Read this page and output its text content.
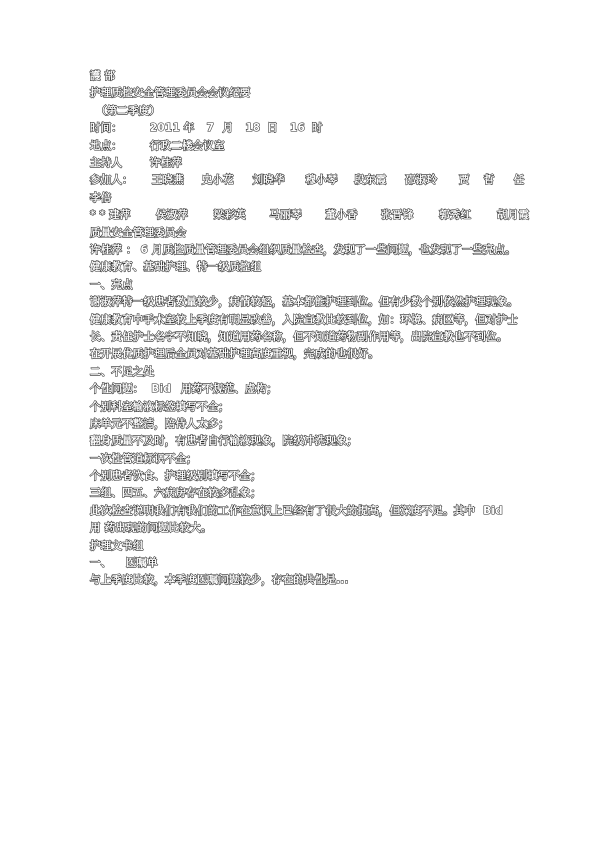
護 部
护理质控安全管理委员会会议纪要
（第二季度）
时间：	2011 年 7 月 18 日 16 时
地点：	行政二楼会议室
主持人	许桂萍
参加人： 王晓燕 史小花 刘晓华 穆小琴 段东霞 邵淑玲 贾 哲 任
李倍
* * 建萍 侯淑萍 梁彩英 马丽琴 董小香 张晋锋 郭秀红 胡月霞
质量安全管理委员会
许桂萍 ： 6 月质控质量管理委员会组织质量检查，发现了一些问题，也发现了一些亮点。
健康教育、基础护理、特一级质控组
一、亮点
谢淑萍特一级患者数量较少，病情较轻，基本都能护理到位。但有少数个别依然护理现象。
健康教育中手术室较上季度有明显改善，入院宣教比较到位，如：环境、病区等，但对护士长、责任护士名字不知晓，知道用药名称，但不知道药物副作用等，出院宣教也不到位。
在开展优质护理后全员对基础护理高度重视，完成的也很好。
二、不足之处
个性问题： Bid 用药不规范、虚构；
个别科室输液标签填写不全；
床单元不整洁，陪侍人太多；
翻身质量不及时，有患者自行输液现象，院级冲洗现象；
一次性管道标识不全；
个别患者饮食、护理级别填写不全；
三组、四五、六病房存在较多乱象；
此次检查说明我们有我们的工作在意识上已经有了很大的提高，但深度不足。其中 Bid 用 药出现的问题比较大。
护理文书组
一、 医嘱单
与上季度比较，本季度医嘱问题较少，存在的共性是...
